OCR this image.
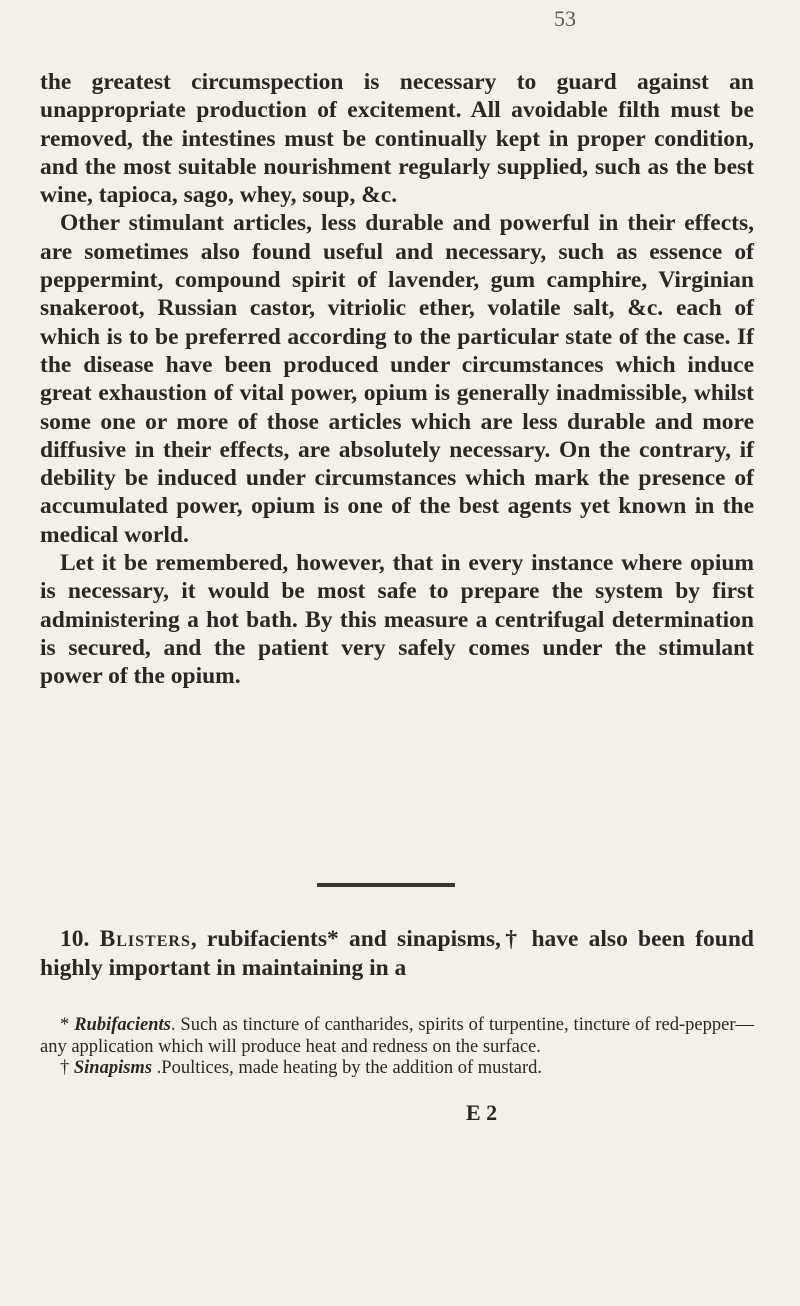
53

the greatest circumspection is necessary to guard against an unappropriate production of excitement. All avoidable filth must be removed, the intestines must be continually kept in proper condition, and the most suitable nourishment regularly supplied, such as the best wine, tapioca, sago, whey, soup, &c.

Other stimulant articles, less durable and powerful in their effects, are sometimes also found useful and necessary, such as essence of peppermint, compound spirit of lavender, gum camphire, Virginian snakeroot, Russian castor, vitriolic ether, volatile salt, &c. each of which is to be preferred according to the particular state of the case. If the disease have been produced under circumstances which induce great exhaustion of vital power, opium is generally inadmissible, whilst some one or more of those articles which are less durable and more diffusive in their effects, are absolutely necessary. On the contrary, if debility be induced under circumstances which mark the presence of accumulated power, opium is one of the best agents yet known in the medical world.

Let it be remembered, however, that in every instance where opium is necessary, it would be most safe to prepare the system by first administering a hot bath. By this measure a centrifugal determination is secured, and the patient very safely comes under the stimulant power of the opium.

10. Blisters, rubifacients* and sinapisms,† have also been found highly important in maintaining in a

* Rubifacients. Such as tincture of cantharides, spirits of turpentine, tincture of red-pepper—any application which will produce heat and redness on the surface.

† Sinapisms .Poultices, made heating by the addition of mustard.

E 2
